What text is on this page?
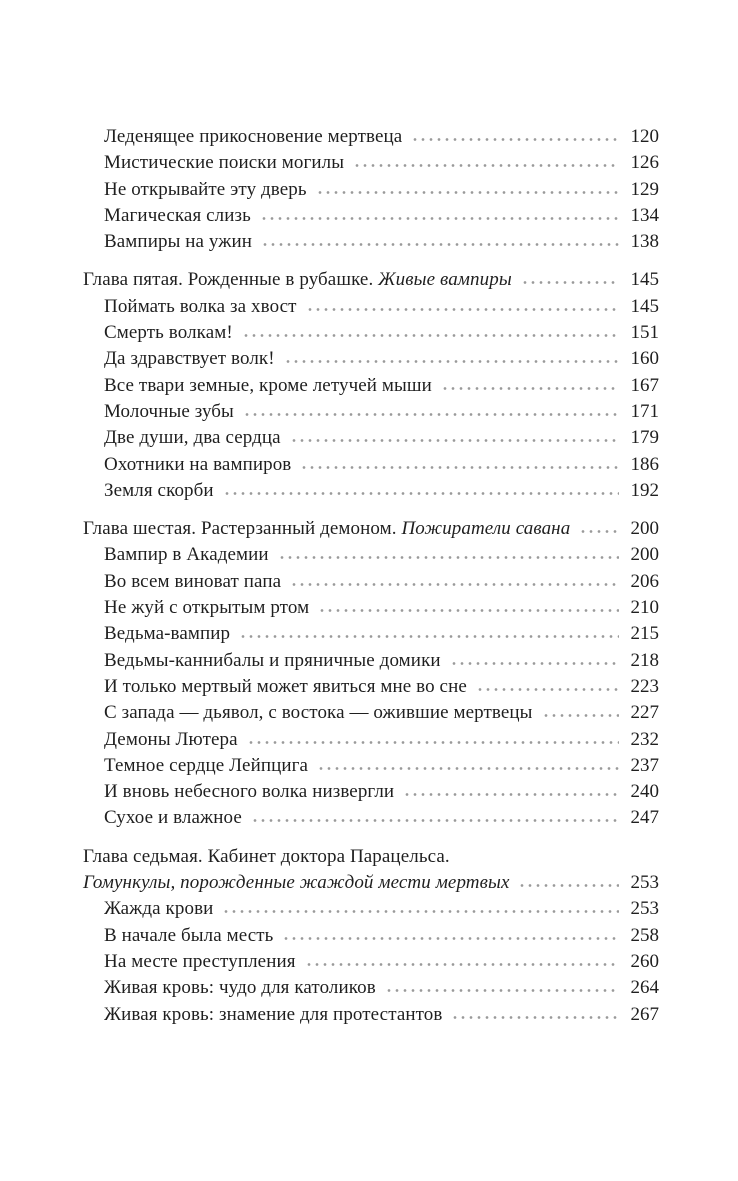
Леденящее прикосновение мертвеца	120
Мистические поиски могилы	126
Не открывайте эту дверь	129
Магическая слизь	134
Вампиры на ужин	138
Глава пятая. Рожденные в рубашке. Живые вампиры	145
Поймать волка за хвост	145
Смерть волкам!	151
Да здравствует волк!	160
Все твари земные, кроме летучей мыши	167
Молочные зубы	171
Две души, два сердца	179
Охотники на вампиров	186
Земля скорби	192
Глава шестая. Растерзанный демоном. Пожиратели савана	200
Вампир в Академии	200
Во всем виноват папа	206
Не жуй с открытым ртом	210
Ведьма-вампир	215
Ведьмы-каннибалы и пряничные домики	218
И только мертвый может явиться мне во сне	223
С запада — дьявол, с востока — ожившие мертвецы	227
Демоны Лютера	232
Темное сердце Лейпцига	237
И вновь небесного волка низвергли	240
Сухое и влажное	247
Глава седьмая. Кабинет доктора Парацельса.
Гомункулы, порожденные жаждой мести мертвых	253
Жажда крови	253
В начале была месть	258
На месте преступления	260
Живая кровь: чудо для католиков	264
Живая кровь: знамение для протестантов	267
